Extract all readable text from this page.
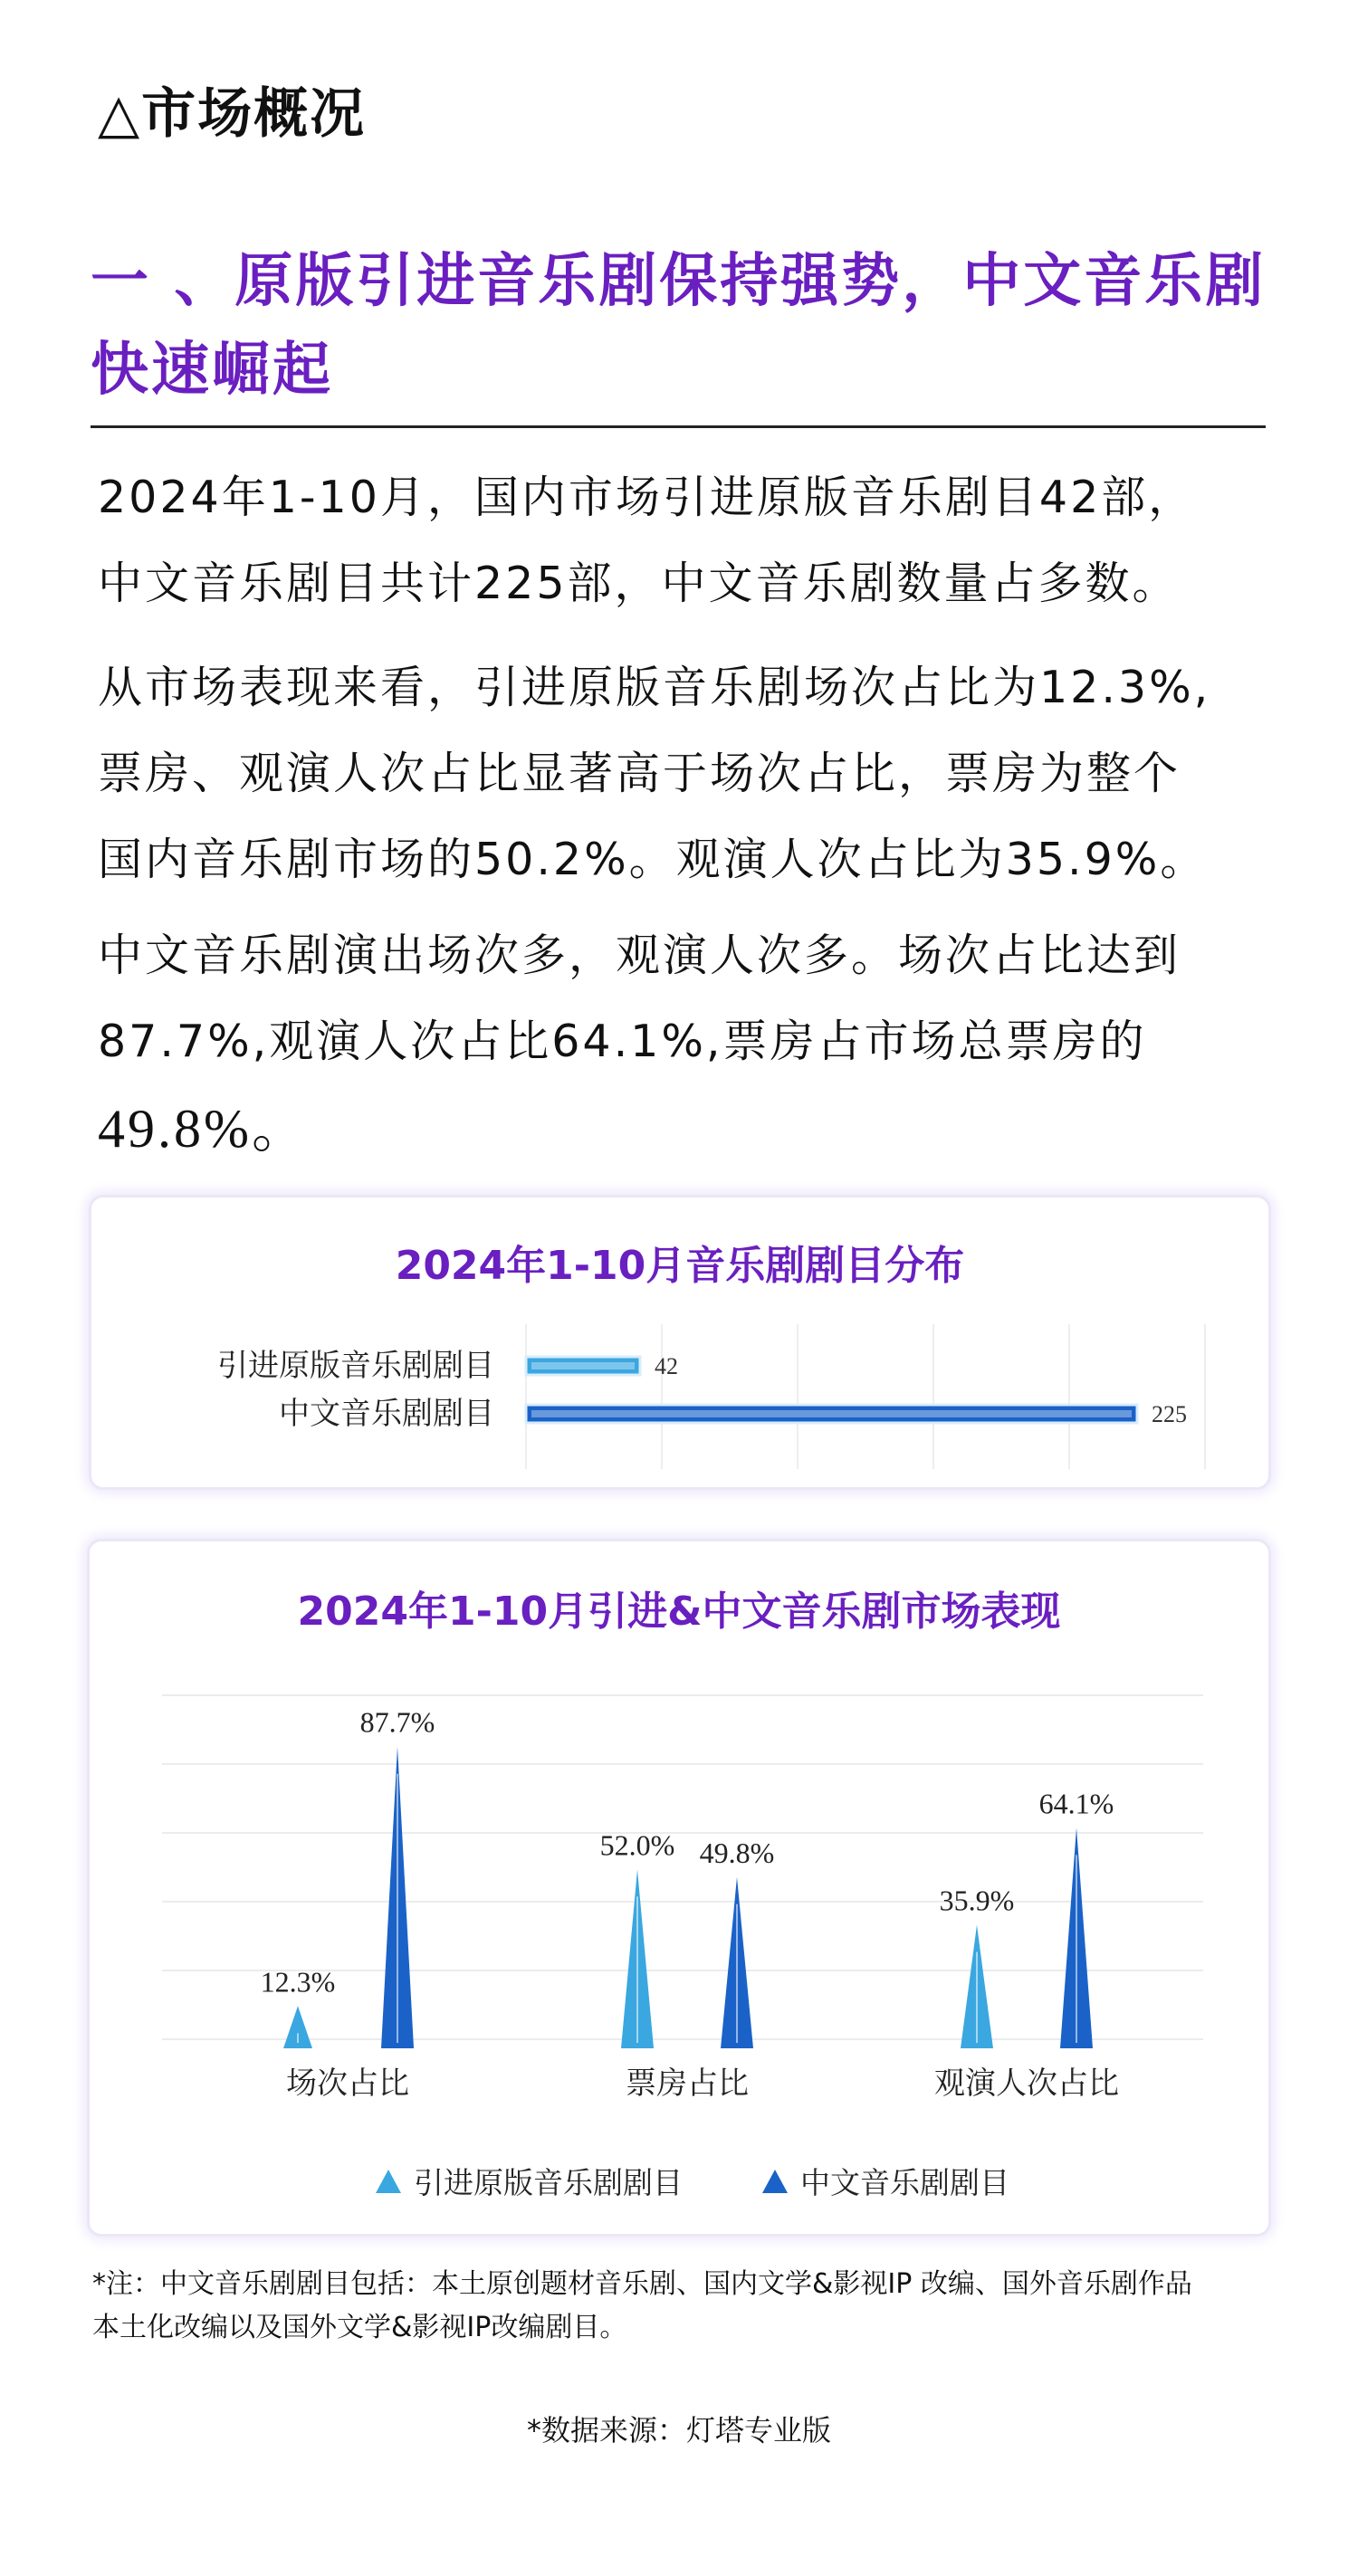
△市场概况
一 、原版引进音乐剧保持强势，中文音乐剧
快速崛起
2024年1-10月，国内市场引进原版音乐剧目42部，
中文音乐剧目共计225部，中文音乐剧数量占多数。
从市场表现来看，引进原版音乐剧场次占比为12.3%,
票房、观演人次占比显著高于场次占比，票房为整个
国内音乐剧市场的50.2%。观演人次占比为35.9%。
中文音乐剧演出场次多，观演人次多。场次占比达到
87.7%,观演人次占比64.1%,票房占市场总票房的
49.8%。
2024年1-10月音乐剧剧目分布
引进原版音乐剧剧目	42
中文音乐剧剧目	225
2024年1-10月引进&中文音乐剧市场表现
12.3%
87.7%
场次占比
52.0% 49.8%
票房占比
35.9%
64.1%
观演人次占比
引进原版音乐剧剧目	中文音乐剧剧目
*注：中文音乐剧剧目包括：本土原创题材音乐剧、国内文学&影视IP 改编、国外音乐剧作品
本土化改编以及国外文学&影视IP改编剧目。
*数据来源：灯塔专业版
